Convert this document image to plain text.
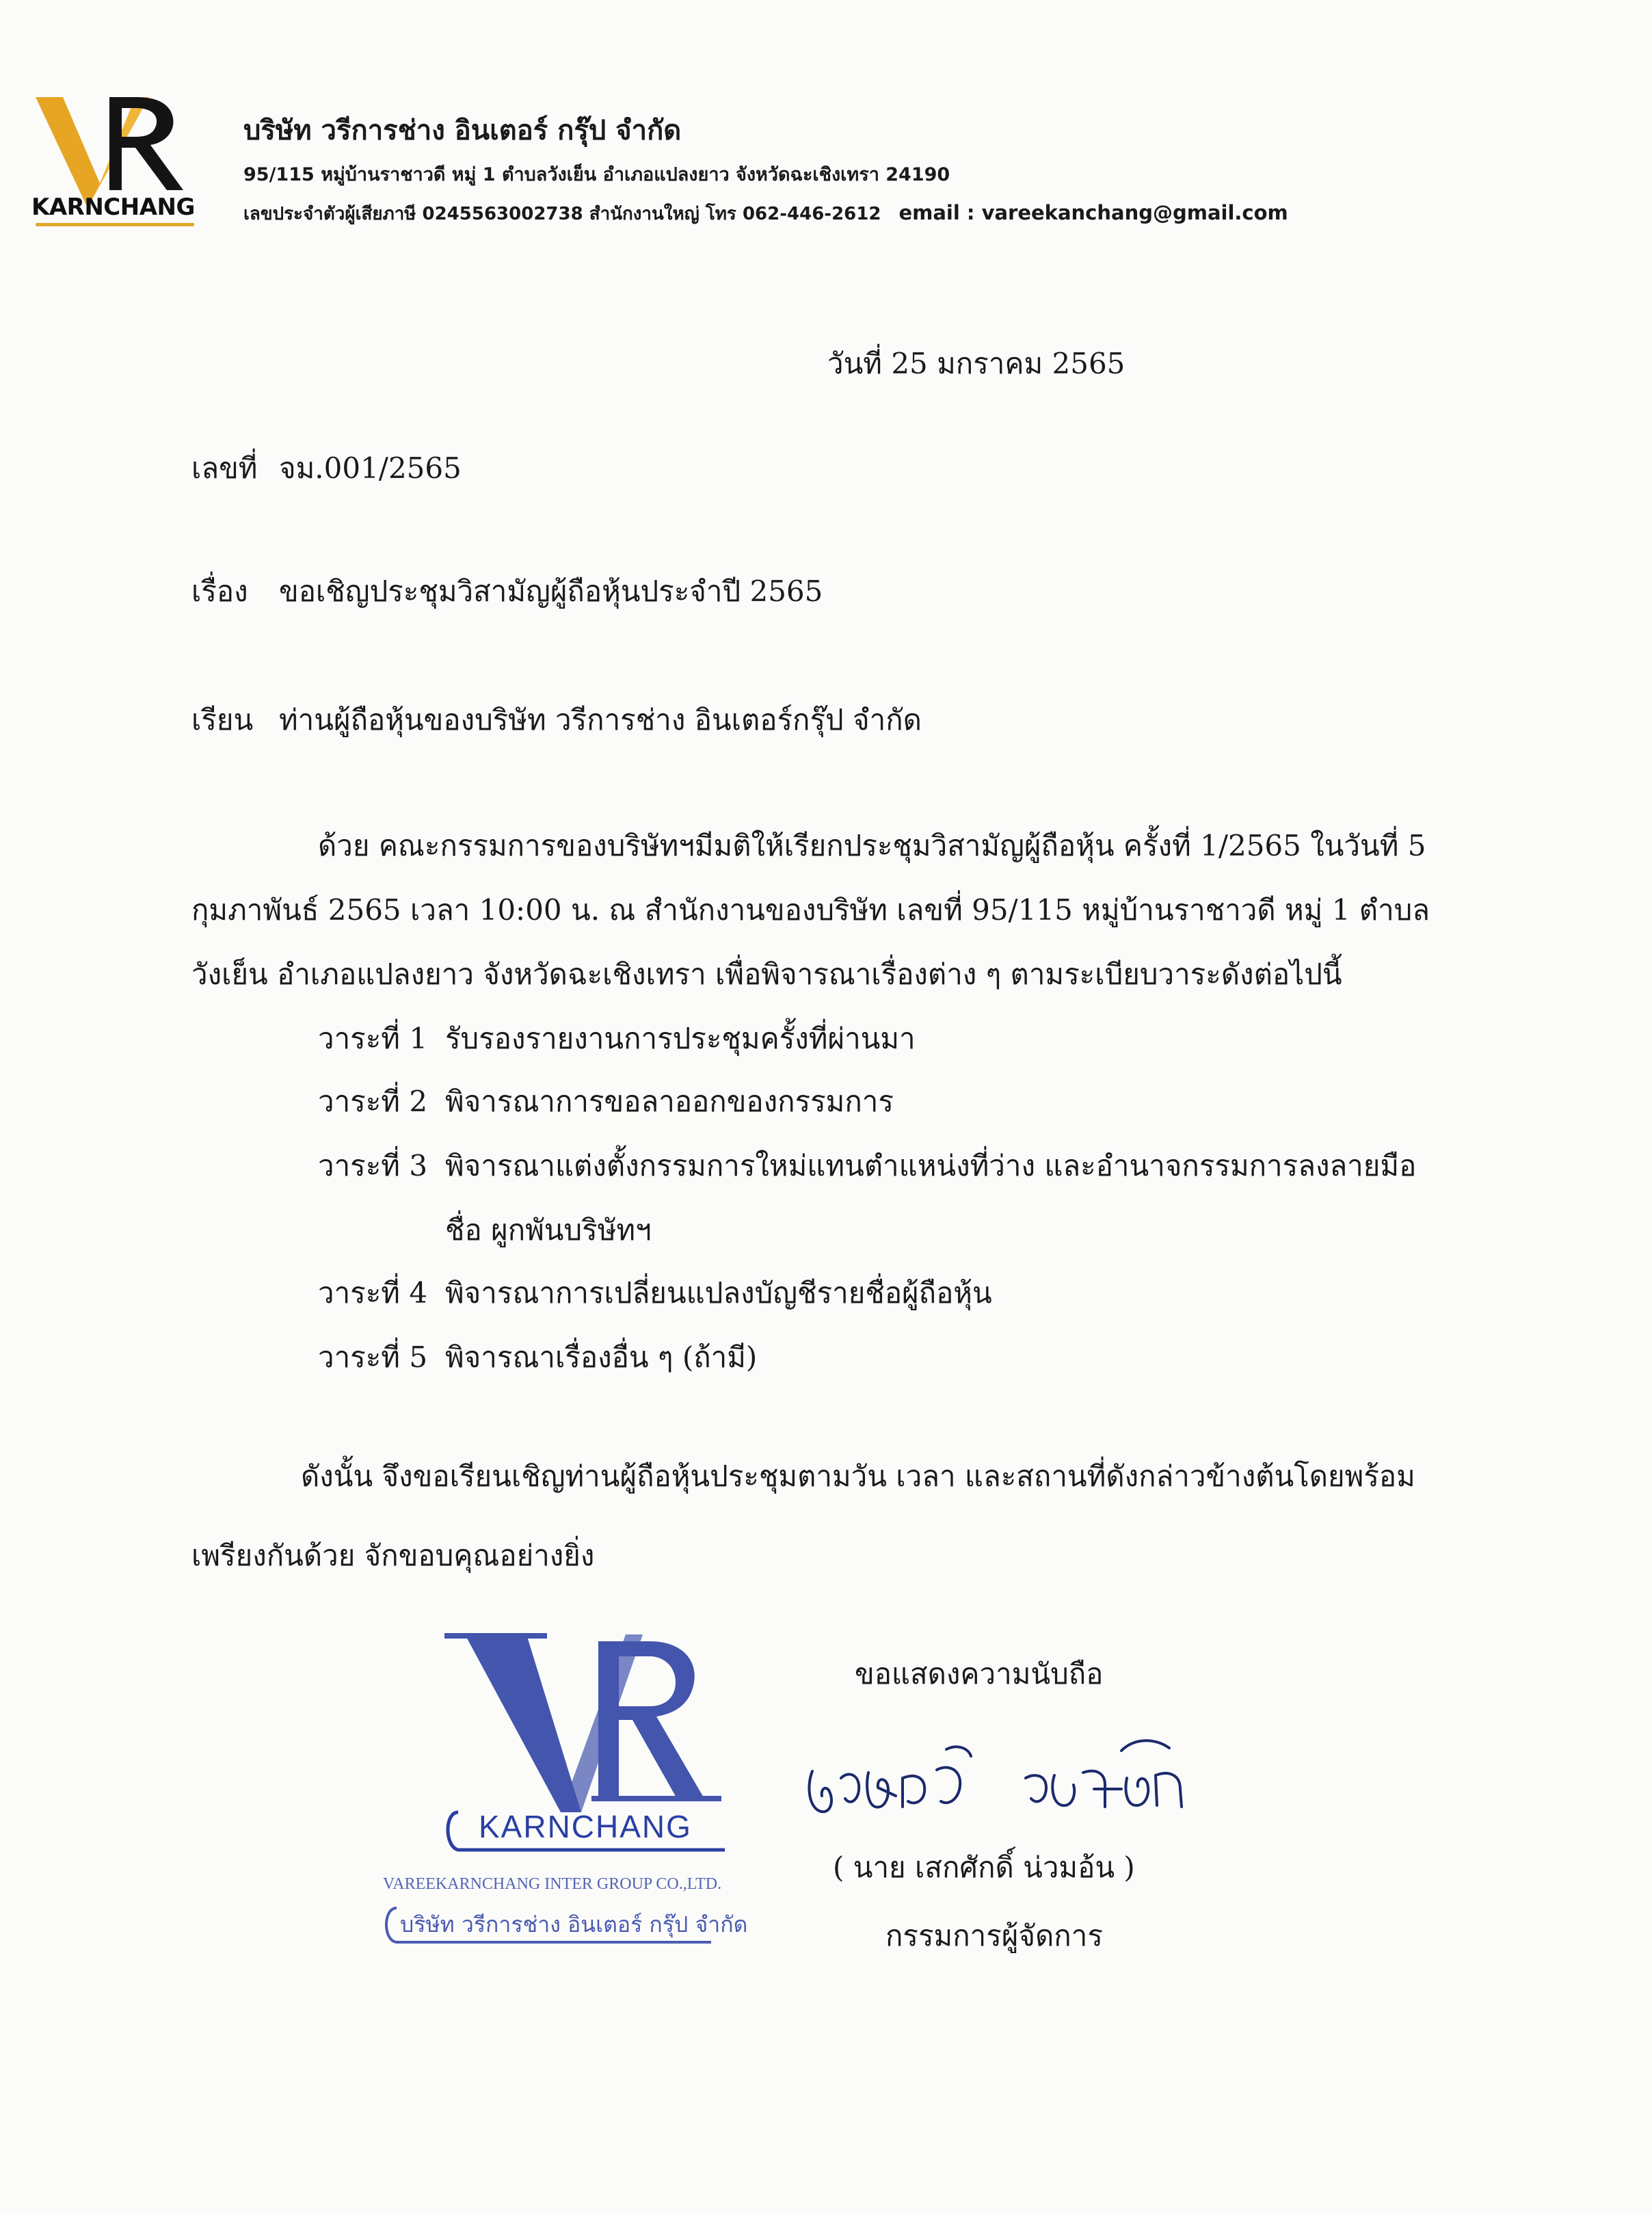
KARNCHANG
บริษัท วรีการช่าง อินเตอร์ กรุ๊ป จำกัด
95/115 หมู่บ้านราชาวดี หมู่ 1 ตำบลวังเย็น อำเภอแปลงยาว จังหวัดฉะเชิงเทรา 24190
เลขประจำตัวผู้เสียภาษี 0245563002738 สำนักงานใหญ่ โทร 062-446-2612 email : vareekanchang@gmail.com
วันที่ 25 มกราคม 2565
เลขที่ จม.001/2565
เรื่อง ขอเชิญประชุมวิสามัญผู้ถือหุ้นประจำปี 2565
เรียน ท่านผู้ถือหุ้นของบริษัท วรีการช่าง อินเตอร์กรุ๊ป จำกัด
ด้วย คณะกรรมการของบริษัทฯมีมติให้เรียกประชุมวิสามัญผู้ถือหุ้น ครั้งที่ 1/2565 ในวันที่ 5
กุมภาพันธ์ 2565 เวลา 10:00 น. ณ สำนักงานของบริษัท เลขที่ 95/115 หมู่บ้านราชาวดี หมู่ 1 ตำบล
วังเย็น อำเภอแปลงยาว จังหวัดฉะเชิงเทรา เพื่อพิจารณาเรื่องต่าง ๆ ตามระเบียบวาระดังต่อไปนี้
วาระที่ 1 รับรองรายงานการประชุมครั้งที่ผ่านมา
วาระที่ 2 พิจารณาการขอลาออกของกรรมการ
วาระที่ 3 พิจารณาแต่งตั้งกรรมการใหม่แทนตำแหน่งที่ว่าง และอำนาจกรรมการลงลายมือ
ชื่อ ผูกพันบริษัทฯ
วาระที่ 4 พิจารณาการเปลี่ยนแปลงบัญชีรายชื่อผู้ถือหุ้น
วาระที่ 5 พิจารณาเรื่องอื่น ๆ (ถ้ามี)
ดังนั้น จึงขอเรียนเชิญท่านผู้ถือหุ้นประชุมตามวัน เวลา และสถานที่ดังกล่าวข้างต้นโดยพร้อม
เพรียงกันด้วย จักขอบคุณอย่างยิ่ง
KARNCHANG
VAREEKARNCHANG INTER GROUP CO.,LTD.
บริษัท วรีการช่าง อินเตอร์ กรุ๊ป จำกัด
ขอแสดงความนับถือ
( นาย เสกศักดิ์ น่วมอ้น )
กรรมการผู้จัดการ
